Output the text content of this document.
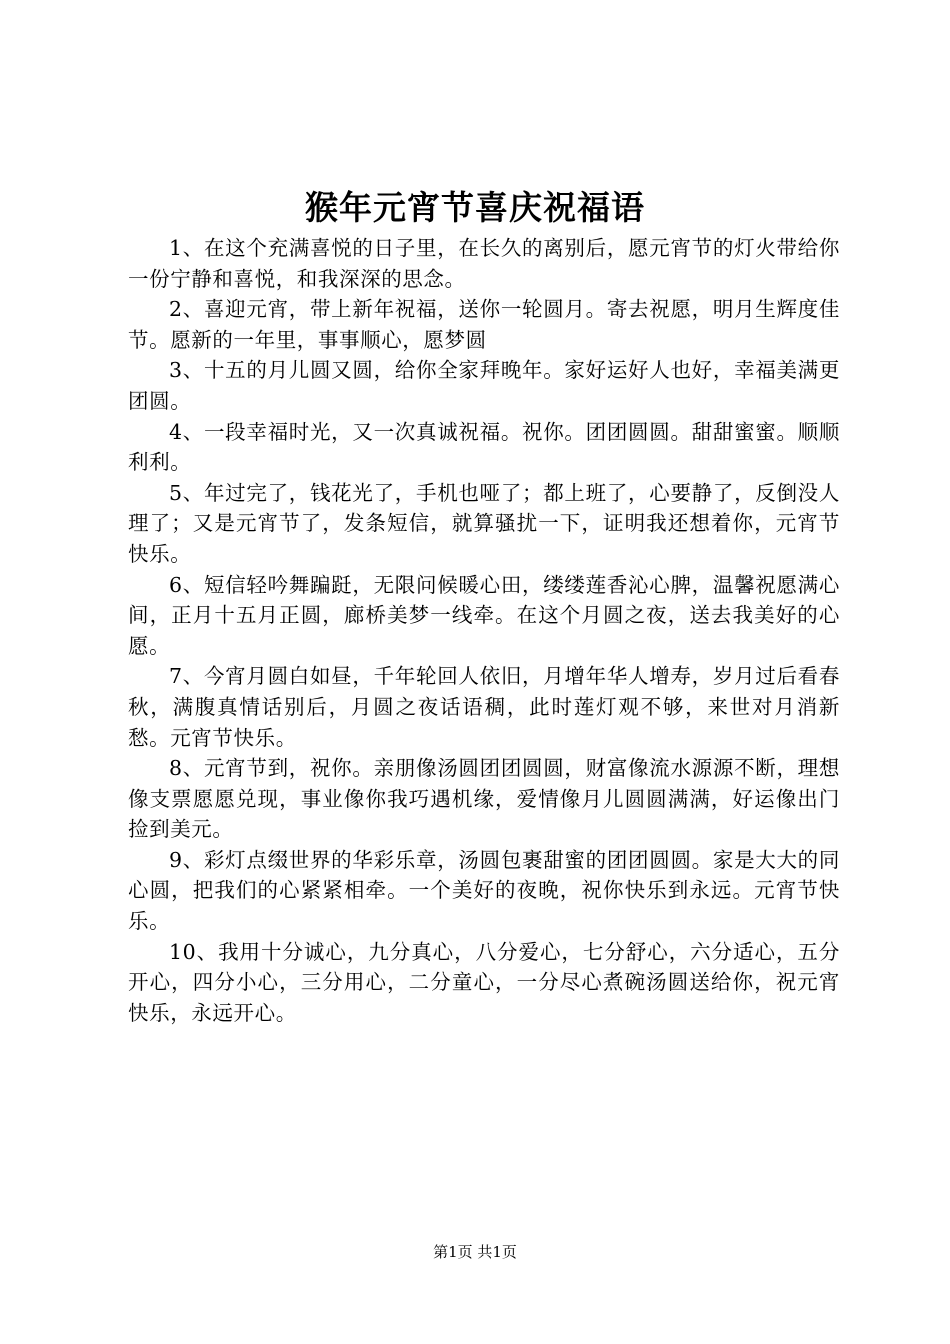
猴年元宵节喜庆祝福语

1、在这个充满喜悦的日子里，在长久的离别后，愿元宵节的灯火带给你一份宁静和喜悦，和我深深的思念。

2、喜迎元宵，带上新年祝福，送你一轮圆月。寄去祝愿，明月生辉度佳节。愿新的一年里，事事顺心，愿梦圆

3、十五的月儿圆又圆，给你全家拜晚年。家好运好人也好，幸福美满更团圆。

4、一段幸福时光，又一次真诚祝福。祝你。团团圆圆。甜甜蜜蜜。顺顺利利。

5、年过完了，钱花光了，手机也哑了；都上班了，心要静了，反倒没人理了；又是元宵节了，发条短信，就算骚扰一下，证明我还想着你，元宵节快乐。

6、短信轻吟舞蹁跹，无限问候暖心田，缕缕莲香沁心脾，温馨祝愿满心间，正月十五月正圆，廊桥美梦一线牵。在这个月圆之夜，送去我美好的心愿。

7、今宵月圆白如昼，千年轮回人依旧，月增年华人增寿，岁月过后看春秋，满腹真情话别后，月圆之夜话语稠，此时莲灯观不够，来世对月消新愁。元宵节快乐。

8、元宵节到，祝你。亲朋像汤圆团团圆圆，财富像流水源源不断，理想像支票愿愿兑现，事业像你我巧遇机缘，爱情像月儿圆圆满满，好运像出门捡到美元。

9、彩灯点缀世界的华彩乐章，汤圆包裹甜蜜的团团圆圆。家是大大的同心圆，把我们的心紧紧相牵。一个美好的夜晚，祝你快乐到永远。元宵节快乐。

10、我用十分诚心，九分真心，八分爱心，七分舒心，六分适心，五分开心，四分小心，三分用心，二分童心，一分尽心煮碗汤圆送给你，祝元宵快乐，永远开心。

第1页 共1页
